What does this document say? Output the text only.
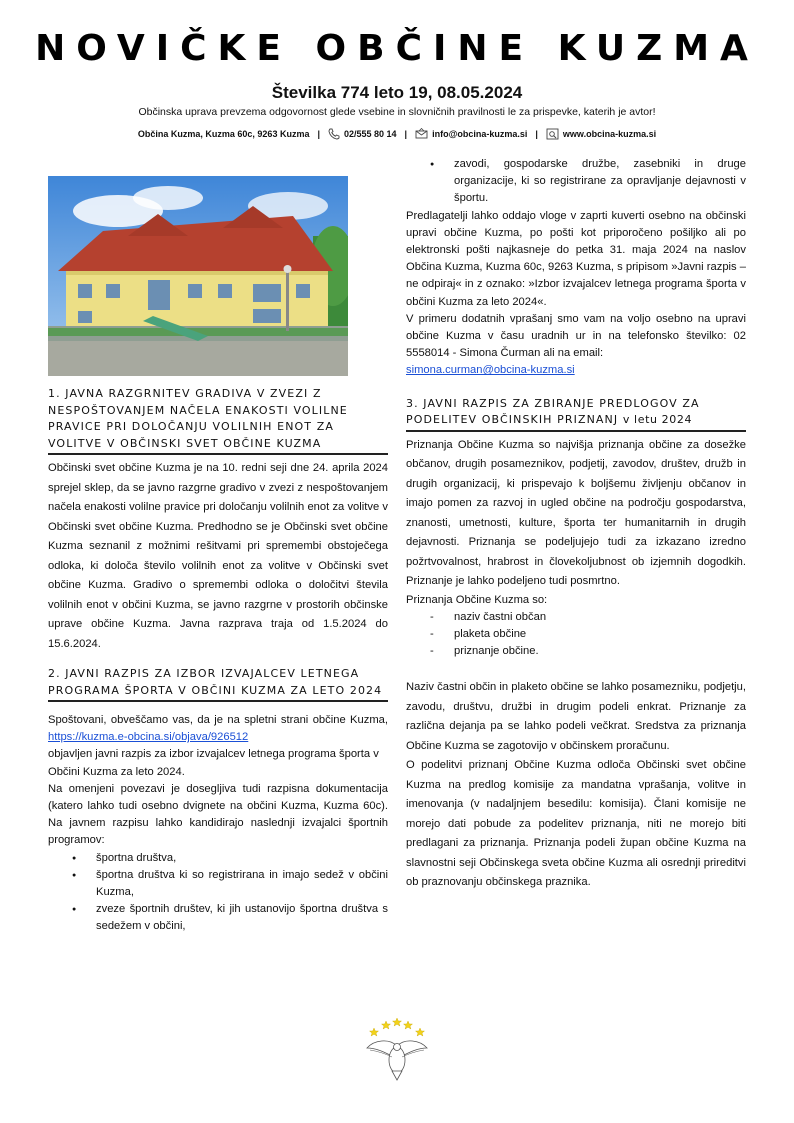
NOVIČKE OBČINE KUZMA
Številka 774 leto 19, 08.05.2024
Občinska uprava prevzema odgovornost glede vsebine in slovničnih pravilnosti le za prispevke, katerih je avtor!
Občina Kuzma, Kuzma 60c, 9263 Kuzma |	02/555 80 14 |	info@obcina-kuzma.si |	www.obcina-kuzma.si
1. JAVNA RAZGRNITEV GRADIVA V ZVEZI Z NESPOŠTOVANJEM NAČELA ENAKOSTI VOLILNE PRAVICE PRI DOLOČANJU VOLILNIH ENOT ZA VOLITVE V OBČINSKI SVET OBČINE KUZMA

Občinski svet občine Kuzma je na 10. redni seji dne 24. aprila 2024 sprejel sklep, da se javno razgrne gradivo v zvezi z nespoštovanjem načela enakosti volilne pravice pri določanju volilnih enot za volitve v Občinski svet občine Kuzma. Predhodno se je Občinski svet občine Kuzma seznanil z možnimi rešitvami pri spremembi obstoječega odloka, ki določa število volilnih enot za volitve v Občinski svet občine Kuzma. Gradivo o spremembi odloka o določitvi števila volilnih enot v občini Kuzma, se javno razgrne v prostorih občinske uprave občine Kuzma. Javna razprava traja od 1.5.2024 do 15.6.2024.

2. JAVNI RAZPIS ZA IZBOR IZVAJALCEV LETNEGA PROGRAMA ŠPORTA V OBČINI KUZMA ZA LETO 2024

Spoštovani, obveščamo vas, da je na spletni strani občine Kuzma, https://kuzma.e-obcina.si/objava/926512

objavljen javni razpis za izbor izvajalcev letnega programa športa v Občini Kuzma za leto 2024.

Na omenjeni povezavi je dosegljiva tudi razpisna dokumentacija (katero lahko tudi osebno dvignete na občini Kuzma, Kuzma 60c). Na javnem razpisu lahko kandidirajo naslednji izvajalci športnih programov:

● športna društva,
● športna društva ki so registrirana in imajo sedež v občini Kuzma,
● zveze športnih društev, ki jih ustanovijo športna društva s sedežem v občini,
● zavodi, gospodarske družbe, zasebniki in druge organizacije, ki so registrirane za opravljanje dejavnosti v športu.

Predlagatelji lahko oddajo vloge v zaprti kuverti osebno na občinski upravi občine Kuzma, po pošti kot priporočeno pošiljko ali po elektronski pošti najkasneje do petka 31. maja 2024 na naslov Občina Kuzma, Kuzma 60c, 9263 Kuzma, s pripisom »Javni razpis – ne odpiraj« in z oznako: »Izbor izvajalcev letnega programa športa v občini Kuzma za leto 2024«.

V primeru dodatnih vprašanj smo vam na voljo osebno na upravi občine Kuzma v času uradnih ur in na telefonsko številko: 02 5558014 - Simona Čurman ali na email:

simona.curman@obcina-kuzma.si

3. JAVNI RAZPIS ZA ZBIRANJE PREDLOGOV ZA PODELITEV OBČINSKIH PRIZNANJ v letu 2024

Priznanja Občine Kuzma so najvišja priznanja občine za dosežke občanov, drugih posameznikov, podjetij, zavodov, društev, družb in drugih organizacij, ki prispevajo k boljšemu življenju občanov in imajo pomen za razvoj in ugled občine na področju gospodarstva, znanosti, umetnosti, kulture, športa ter humanitarnih in drugih dejavnosti. Priznanja se podeljujejo tudi za izkazano izredno požrtvovalnost, hrabrost in človekoljubnost ob izjemnih dogodkih. Priznanje je lahko podeljeno tudi posmrtno.

Priznanja Občine Kuzma so:

- naziv častni občan
- plaketa občine
- priznanje občine.

Naziv častni občin in plaketo občine se lahko posamezniku, podjetju, zavodu, društvu, družbi in drugim podeli enkrat. Priznanje za različna dejanja pa se lahko podeli večkrat. Sredstva za priznanja Občine Kuzma se zagotovijo v občinskem proračunu.

O podelitvi priznanj Občine Kuzma odloča Občinski svet občine Kuzma na predlog komisije za mandatna vprašanja, volitve in imenovanja (v nadaljnjem besedilu: komisija). Člani komisije ne morejo dati pobude za podelitev priznanja, niti ne morejo biti predlagani za priznanja. Priznanja podeli župan občine Kuzma na slavnostni seji Občinskega sveta občine Kuzma ali osrednji prireditvi ob praznovanju občinskega praznika.
